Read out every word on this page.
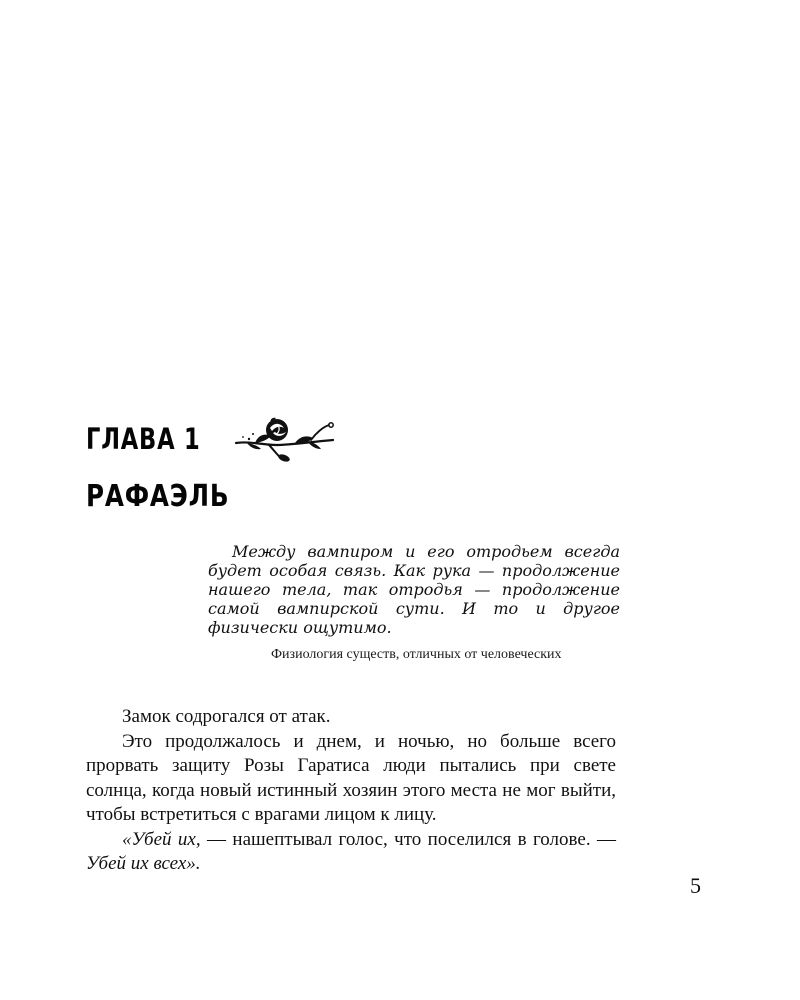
ГЛАВА 1
РАФАЭЛЬ

Между вампиром и его отродьем всегда будет особая связь. Как рука — продолжение нашего тела, так отродья — продолжение самой вампирской сути. И то и другое физически ощутимо.

Физиология существ, отличных от человеческих

Замок содрогался от атак.

Это продолжалось и днем, и ночью, но больше всего прорвать защиту Розы Гаратиса люди пытались при свете солнца, когда новый истинный хозяин этого места не мог выйти, чтобы встретиться с врагами лицом к лицу.

«Убей их, — нашептывал голос, что поселился в голове. — Убей их всех».

5
